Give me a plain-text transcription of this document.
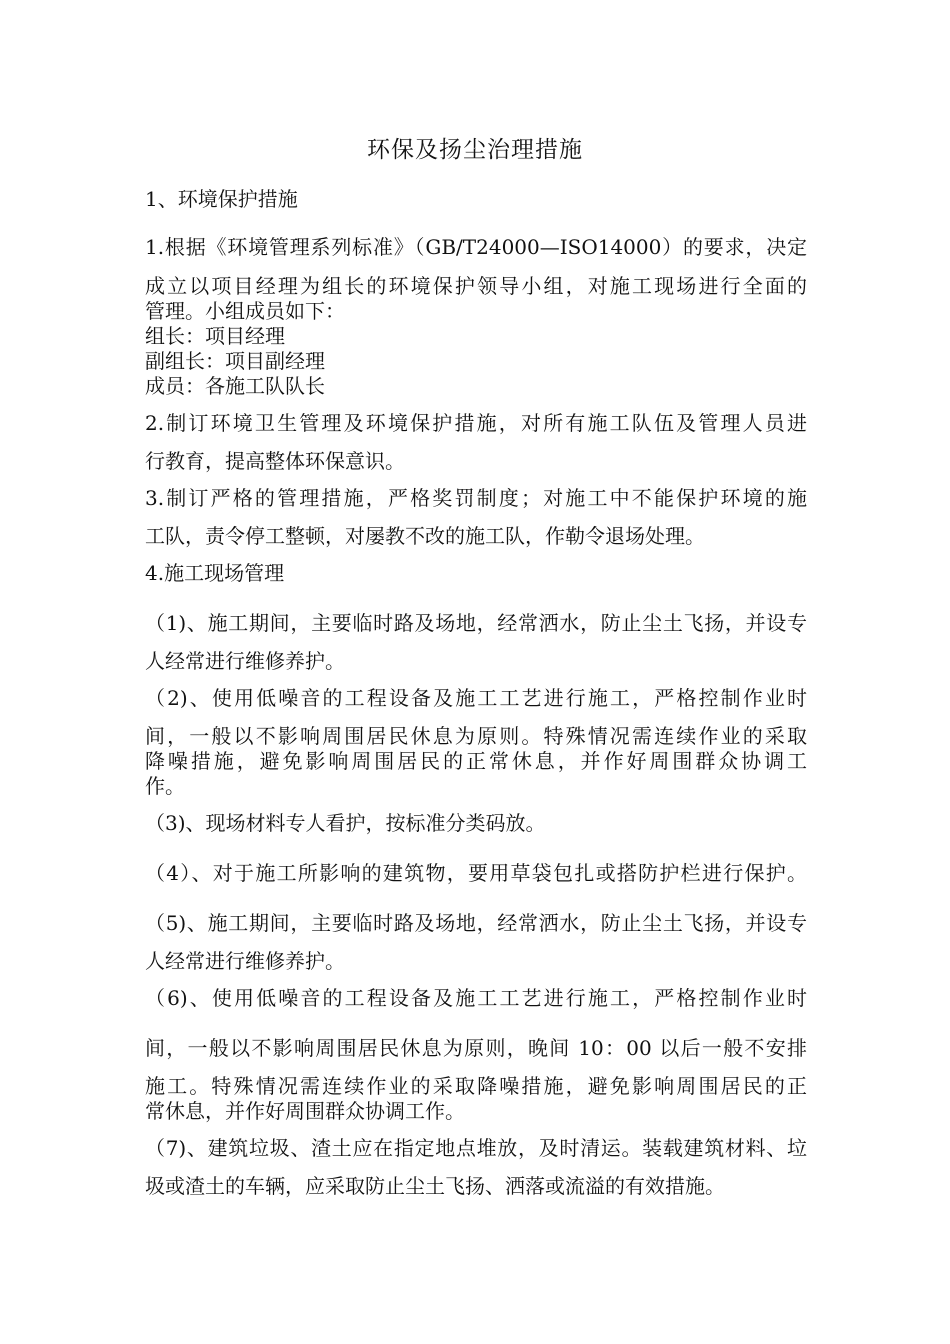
环保及扬尘治理措施
1、环境保护措施
1.根据《环境管理系列标准》（GB/T24000—ISO14000）的要求，决定
成立以项目经理为组长的环境保护领导小组，对施工现场进行全面的
管理。小组成员如下：
组长：项目经理
副组长：项目副经理
成员：各施工队队长
2.制订环境卫生管理及环境保护措施，对所有施工队伍及管理人员进
行教育，提高整体环保意识。
3.制订严格的管理措施，严格奖罚制度；对施工中不能保护环境的施
工队，责令停工整顿，对屡教不改的施工队，作勒令退场处理。
4.施工现场管理
（1)、施工期间，主要临时路及场地，经常洒水，防止尘土飞扬，并设专
人经常进行维修养护。
（2)、使用低噪音的工程设备及施工工艺进行施工，严格控制作业时
间，一般以不影响周围居民休息为原则。特殊情况需连续作业的采取
降噪措施，避免影响周围居民的正常休息，并作好周围群众协调工
作。
（3)、现场材料专人看护，按标准分类码放。
（4）、对于施工所影响的建筑物，要用草袋包扎或搭防护栏进行保护。
（5)、施工期间，主要临时路及场地，经常洒水，防止尘土飞扬，并设专
人经常进行维修养护。
（6)、使用低噪音的工程设备及施工工艺进行施工，严格控制作业时
间，一般以不影响周围居民休息为原则，晚间 10：00 以后一般不安排
施工。特殊情况需连续作业的采取降噪措施，避免影响周围居民的正
常休息，并作好周围群众协调工作。
（7)、建筑垃圾、渣土应在指定地点堆放，及时清运。装载建筑材料、垃
圾或渣土的车辆，应采取防止尘土飞扬、洒落或流溢的有效措施。
